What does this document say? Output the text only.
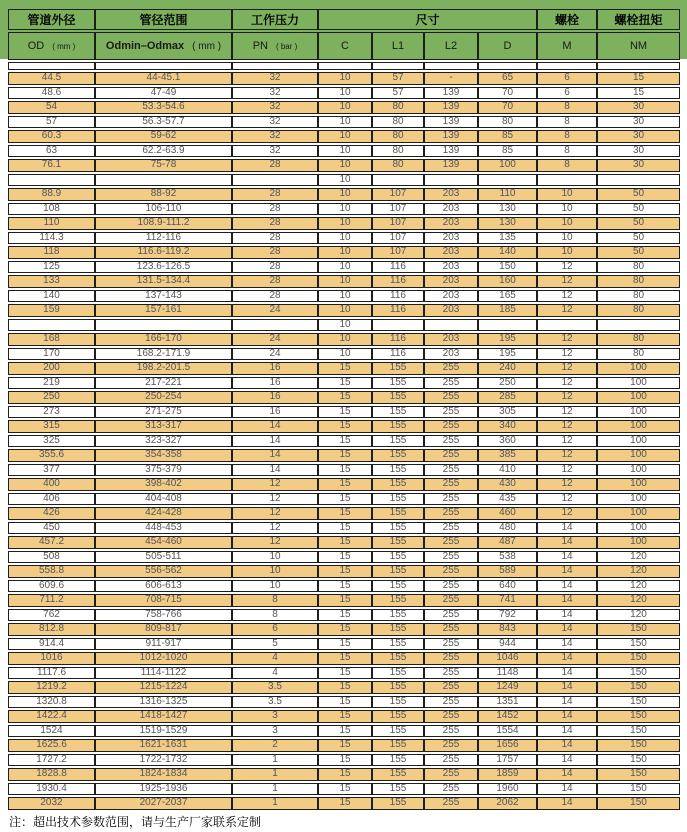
管道外径	管径范围	工作压力	尺寸				螺栓	螺栓扭矩
OD ( mm )	Odmin–Odmax ( mm )	PN ( bar )	C	L1	L2	D	M	NM

44.5	44-45.1	32	10	57	-	65	6	15
48.6	47-49	32	10	57	139	70	6	15
54	53.3-54.6	32	10	80	139	70	8	30
57	56.3-57.7	32	10	80	139	80	8	30
60.3	59-62	32	10	80	139	85	8	30
63	62.2-63.9	32	10	80	139	85	8	30
76.1	75-78	28	10	80	139	100	8	30
			10					
88.9	88-92	28	10	107	203	110	10	50
108	106-110	28	10	107	203	130	10	50
110	108.9-111.2	28	10	107	203	130	10	50
114.3	112-116	28	10	107	203	135	10	50
118	116.6-119.2	28	10	107	203	140	10	50
125	123.6-126.5	28	10	116	203	150	12	80
133	131.5-134.4	28	10	116	203	160	12	80
140	137-143	28	10	116	203	165	12	80
159	157-161	24	10	116	203	185	12	80
			10					
168	166-170	24	10	116	203	195	12	80
170	168.2-171.9	24	10	116	203	195	12	80
200	198.2-201.5	16	15	155	255	240	12	100
219	217-221	16	15	155	255	250	12	100
250	250-254	16	15	155	255	285	12	100
273	271-275	16	15	155	255	305	12	100
315	313-317	14	15	155	255	340	12	100
325	323-327	14	15	155	255	360	12	100
355.6	354-358	14	15	155	255	385	12	100
377	375-379	14	15	155	255	410	12	100
400	398-402	12	15	155	255	430	12	100
406	404-408	12	15	155	255	435	12	100
426	424-428	12	15	155	255	460	12	100
450	448-453	12	15	155	255	480	14	100
457.2	454-460	12	15	155	255	487	14	100
508	505-511	10	15	155	255	538	14	120
558.8	556-562	10	15	155	255	589	14	120
609.6	606-613	10	15	155	255	640	14	120
711.2	708-715	8	15	155	255	741	14	120
762	758-766	8	15	155	255	792	14	120
812.8	809-817	6	15	155	255	843	14	150
914.4	911-917	5	15	155	255	944	14	150
1016	1012-1020	4	15	155	255	1046	14	150
1117.6	1114-1122	4	15	155	255	1148	14	150
1219.2	1215-1224	3.5	15	155	255	1249	14	150
1320.8	1316-1325	3.5	15	155	255	1351	14	150
1422.4	1418-1427	3	15	155	255	1452	14	150
1524	1519-1529	3	15	155	255	1554	14	150
1625.6	1621-1631	2	15	155	255	1656	14	150
1727.2	1722-1732	1	15	155	255	1757	14	150
1828.8	1824-1834	1	15	155	255	1859	14	150
1930.4	1925-1936	1	15	155	255	1960	14	150
2032	2027-2037	1	15	155	255	2062	14	150
注：超出技术参数范围，请与生产厂家联系定制
